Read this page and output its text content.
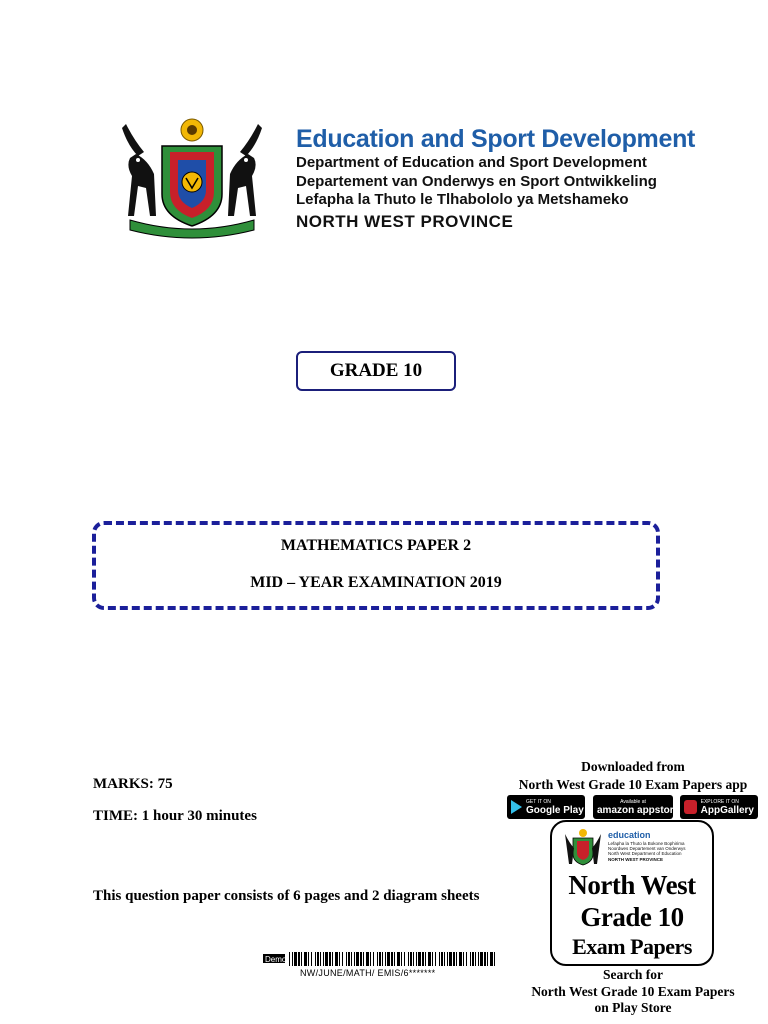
Education and Sport Development
Department of Education and Sport Development
Departement van Onderwys en Sport Ontwikkeling
Lefapha la Thuto le Tlhabololo ya Metshameko
NORTH WEST PROVINCE
GRADE 10
MATHEMATICS PAPER 2
MID – YEAR EXAMINATION 2019
MARKS: 75
TIME: 1 hour 30 minutes
This question paper consists of 6 pages and 2 diagram sheets
Demo
NW/JUNE/MATH/ EMIS/6*******
Downloaded from
North West Grade 10 Exam Papers app
GET IT ON
Google Play
Available at
amazon appstore
EXPLORE IT ON
AppGallery
education
Lefapha la Thuto la Bokone Bophirima
Noordwes Departement van Onderwys
North West Department of Education
NORTH WEST PROVINCE
North West
Grade 10
Exam Papers
Search for
North West Grade 10 Exam Papers
on Play Store
